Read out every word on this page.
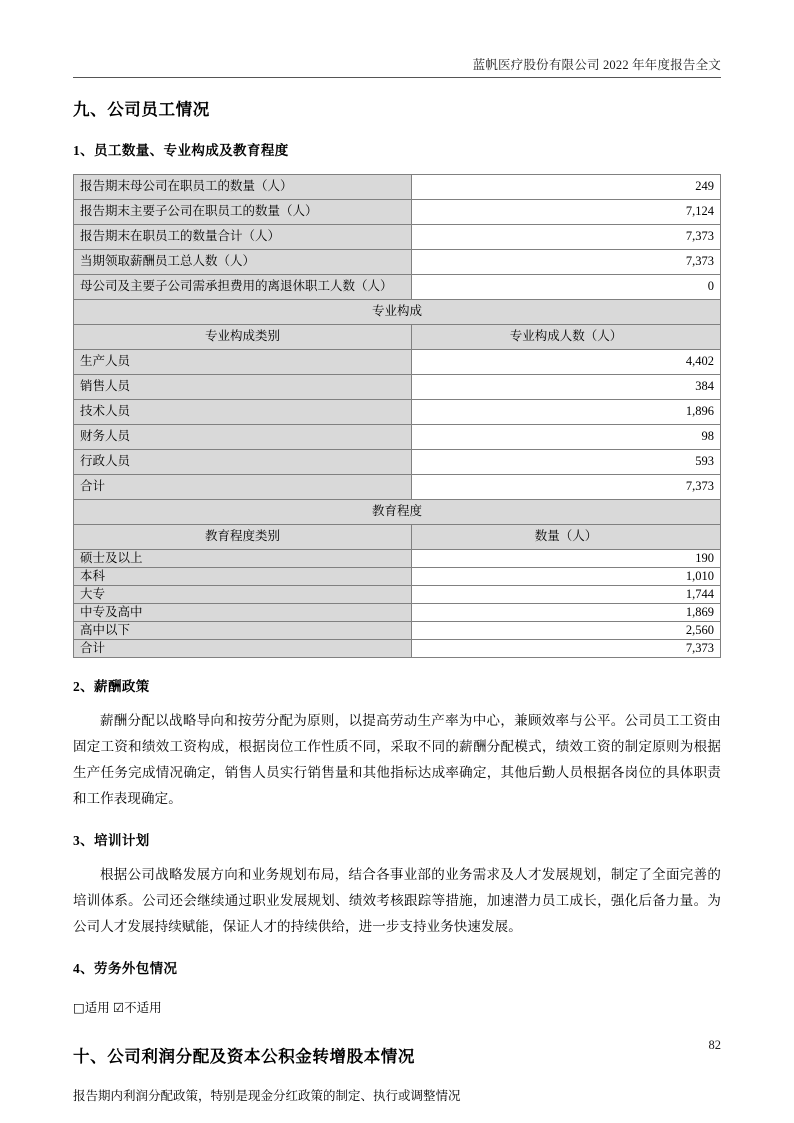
蓝帆医疗股份有限公司 2022 年年度报告全文
九、公司员工情况
1、员工数量、专业构成及教育程度
报告期末母公司在职员工的数量（人）	249
报告期末主要子公司在职员工的数量（人）	7,124
报告期末在职员工的数量合计（人）	7,373
当期领取薪酬员工总人数（人）	7,373
母公司及主要子公司需承担费用的离退休职工人数（人）	0
专业构成	
专业构成类别	专业构成人数（人）
生产人员	4,402
销售人员	384
技术人员	1,896
财务人员	98
行政人员	593
合计	7,373
教育程度	
教育程度类别	数量（人）
硕士及以上	190
本科	1,010
大专	1,744
中专及高中	1,869
高中以下	2,560
合计	7,373
2、薪酬政策

薪酬分配以战略导向和按劳分配为原则，以提高劳动生产率为中心，兼顾效率与公平。公司员工工资由固定工资和绩效工资构成，根据岗位工作性质不同，采取不同的薪酬分配模式，绩效工资的制定原则为根据生产任务完成情况确定，销售人员实行销售量和其他指标达成率确定，其他后勤人员根据各岗位的具体职责和工作表现确定。

3、培训计划

根据公司战略发展方向和业务规划布局，结合各事业部的业务需求及人才发展规划，制定了全面完善的培训体系。公司还会继续通过职业发展规划、绩效考核跟踪等措施，加速潜力员工成长，强化后备力量。为公司人才发展持续赋能，保证人才的持续供给，进一步支持业务快速发展。

4、劳务外包情况

□适用 ☑不适用

十、公司利润分配及资本公积金转增股本情况

报告期内利润分配政策，特别是现金分红政策的制定、执行或调整情况

82
